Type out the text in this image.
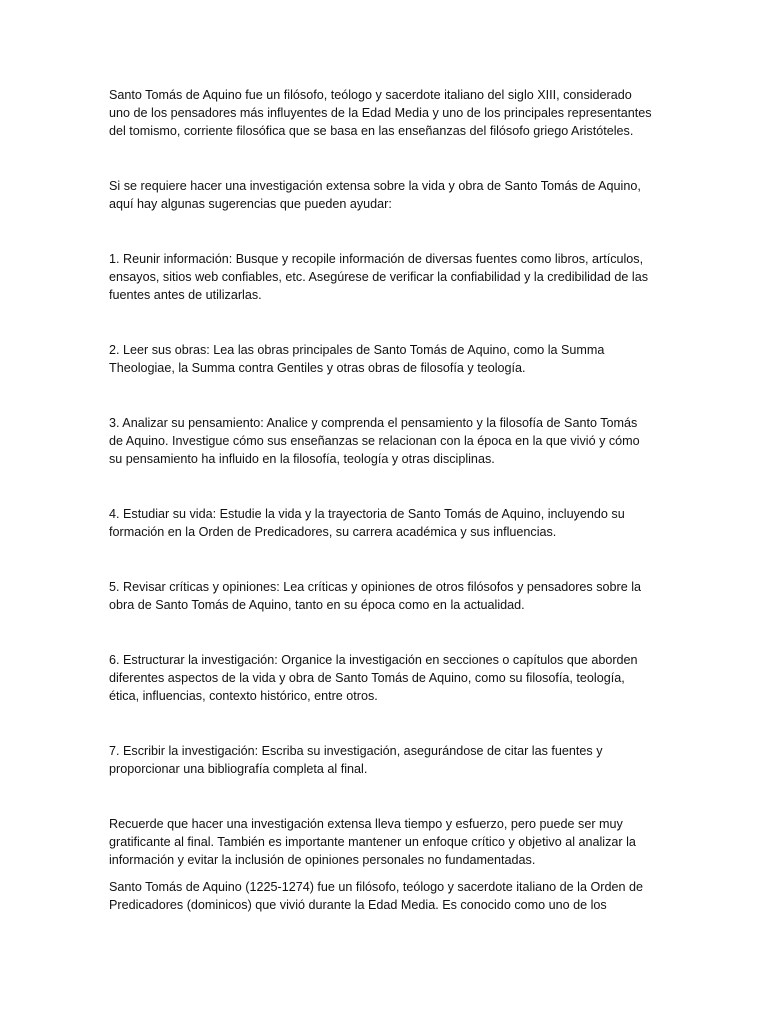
Santo Tomás de Aquino fue un filósofo, teólogo y sacerdote italiano del siglo XIII, considerado uno de los pensadores más influyentes de la Edad Media y uno de los principales representantes del tomismo, corriente filosófica que se basa en las enseñanzas del filósofo griego Aristóteles.

Si se requiere hacer una investigación extensa sobre la vida y obra de Santo Tomás de Aquino, aquí hay algunas sugerencias que pueden ayudar:

1. Reunir información: Busque y recopile información de diversas fuentes como libros, artículos, ensayos, sitios web confiables, etc. Asegúrese de verificar la confiabilidad y la credibilidad de las fuentes antes de utilizarlas.

2. Leer sus obras: Lea las obras principales de Santo Tomás de Aquino, como la Summa Theologiae, la Summa contra Gentiles y otras obras de filosofía y teología.

3. Analizar su pensamiento: Analice y comprenda el pensamiento y la filosofía de Santo Tomás de Aquino. Investigue cómo sus enseñanzas se relacionan con la época en la que vivió y cómo su pensamiento ha influido en la filosofía, teología y otras disciplinas.

4. Estudiar su vida: Estudie la vida y la trayectoria de Santo Tomás de Aquino, incluyendo su formación en la Orden de Predicadores, su carrera académica y sus influencias.

5. Revisar críticas y opiniones: Lea críticas y opiniones de otros filósofos y pensadores sobre la obra de Santo Tomás de Aquino, tanto en su época como en la actualidad.

6. Estructurar la investigación: Organice la investigación en secciones o capítulos que aborden diferentes aspectos de la vida y obra de Santo Tomás de Aquino, como su filosofía, teología, ética, influencias, contexto histórico, entre otros.

7. Escribir la investigación: Escriba su investigación, asegurándose de citar las fuentes y proporcionar una bibliografía completa al final.

Recuerde que hacer una investigación extensa lleva tiempo y esfuerzo, pero puede ser muy gratificante al final. También es importante mantener un enfoque crítico y objetivo al analizar la información y evitar la inclusión de opiniones personales no fundamentadas.

Santo Tomás de Aquino (1225-1274) fue un filósofo, teólogo y sacerdote italiano de la Orden de Predicadores (dominicos) que vivió durante la Edad Media. Es conocido como uno de los
